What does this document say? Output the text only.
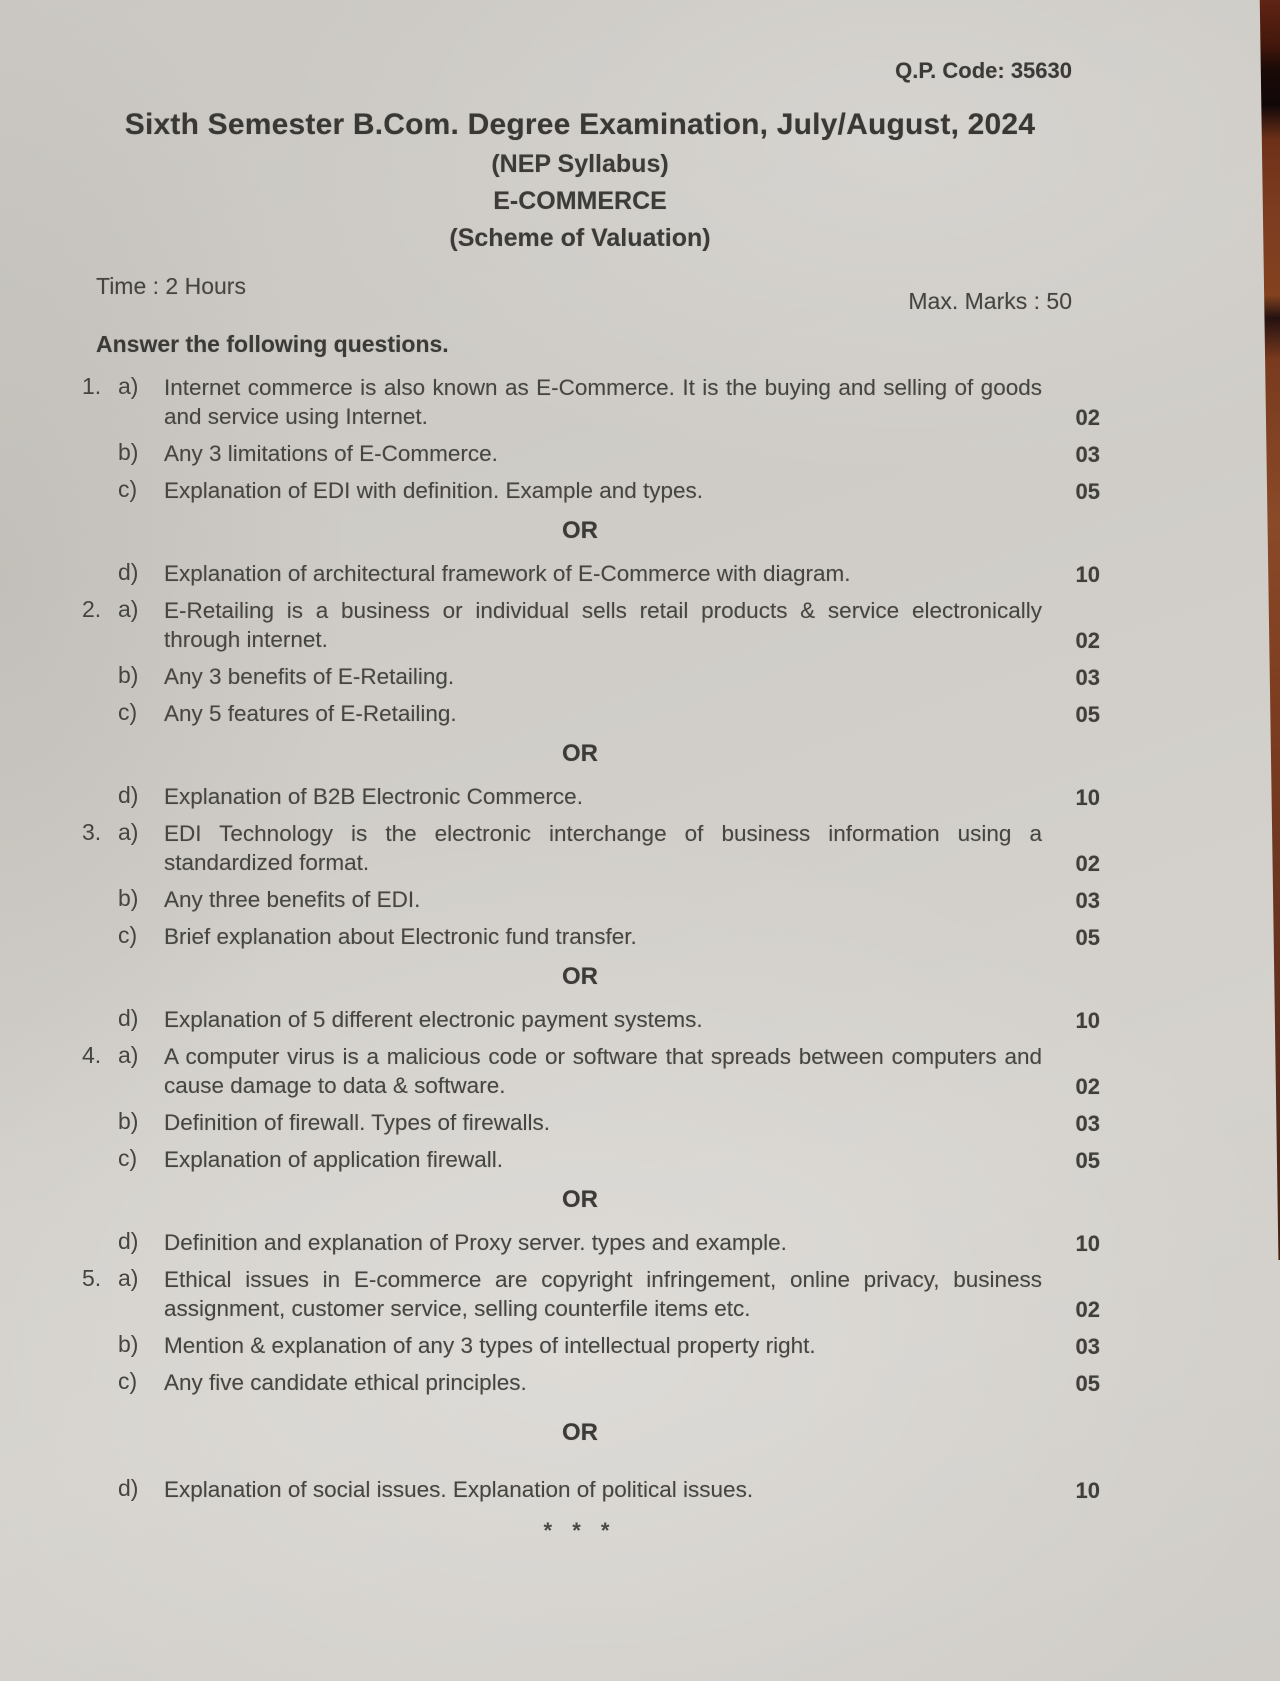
Q.P. Code: 35630
Sixth Semester B.Com. Degree Examination, July/August, 2024
(NEP Syllabus)
E-COMMERCE
(Scheme of Valuation)
Time : 2 Hours
Max. Marks : 50
Answer the following questions.
1. a)	Internet commerce is also known as E-Commerce. It is the buying and selling of goods and service using Internet.	02
b)	Any 3 limitations of E-Commerce.	03
c)	Explanation of EDI with definition. Example and types.	05
OR
d)	Explanation of architectural framework of E-Commerce with diagram.	10
2. a)	E-Retailing is a business or individual sells retail products & service electronically through internet.	02
b)	Any 3 benefits of E-Retailing.	03
c)	Any 5 features of E-Retailing.	05
OR
d)	Explanation of B2B Electronic Commerce.	10
3. a)	EDI Technology is the electronic interchange of business information using a standardized format.	02
b)	Any three benefits of EDI.	03
c)	Brief explanation about Electronic fund transfer.	05
OR
d)	Explanation of 5 different electronic payment systems.	10
4. a)	A computer virus is a malicious code or software that spreads between computers and cause damage to data & software.	02
b)	Definition of firewall. Types of firewalls.	03
c)	Explanation of application firewall.	05
OR
d)	Definition and explanation of Proxy server. types and example.	10
5. a)	Ethical issues in E-commerce are copyright infringement, online privacy, business assignment, customer service, selling counterfile items etc.	02
b)	Mention & explanation of any 3 types of intellectual property right.	03
c)	Any five candidate ethical principles.	05
OR
d)	Explanation of social issues. Explanation of political issues.	10
* * *
